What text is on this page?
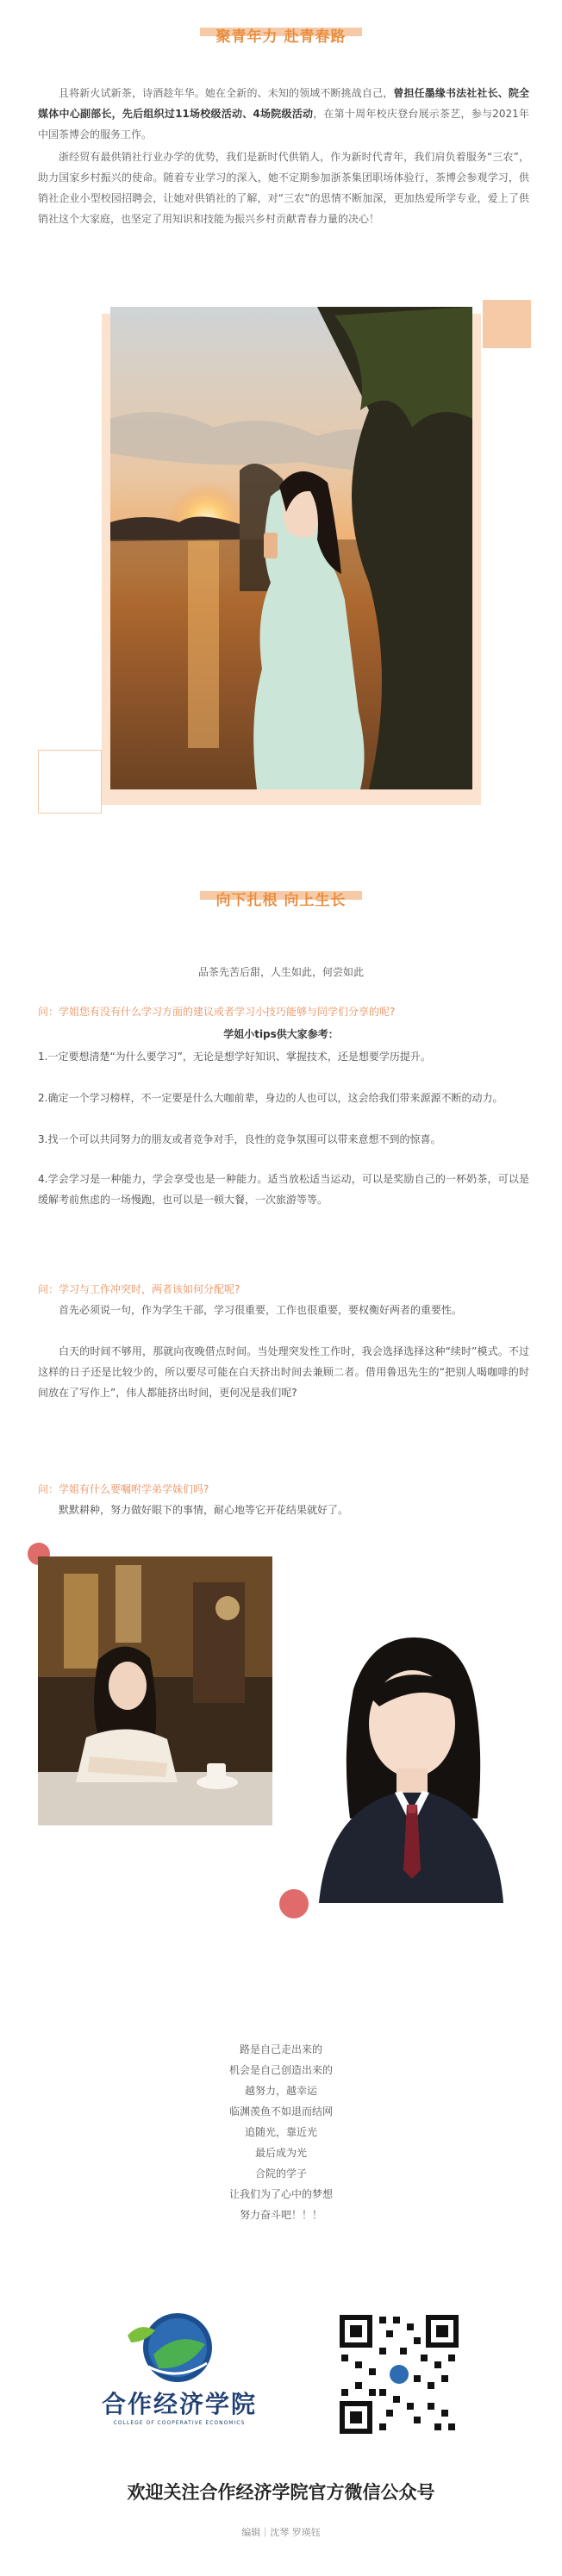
聚青年力 赴青春路
且将新火试新茶，诗酒趁年华。她在全新的、未知的领域不断挑战自己，曾担任墨缘书法社社长、院全媒体中心副部长，先后组织过11场校级活动、4场院级活动，在第十周年校庆登台展示茶艺，参与2021年中国茶博会的服务工作。
浙经贸有最供销社行业办学的优势，我们是新时代供销人，作为新时代青年，我们肩负着服务“三农”，助力国家乡村振兴的使命。随着专业学习的深入，她不定期参加浙茶集团职场体验行，茶博会参观学习，供销社企业小型校园招聘会，让她对供销社的了解，对“三农”的思情不断加深，更加热爱所学专业，爱上了供销社这个大家庭，也坚定了用知识和技能为振兴乡村贡献青春力量的决心！
向下扎根 向上生长
品茶先苦后甜，人生如此，何尝如此
问：学姐您有没有什么学习方面的建议或者学习小技巧能够与同学们分享的呢?
学姐小tips供大家参考：
1.一定要想清楚“为什么要学习”，无论是想学好知识、掌握技术，还是想要学历提升。
2.确定一个学习榜样，不一定要是什么大咖前辈，身边的人也可以，这会给我们带来源源不断的动力。
3.找一个可以共同努力的朋友或者竞争对手，良性的竞争氛围可以带来意想不到的惊喜。
4.学会学习是一种能力，学会享受也是一种能力。适当放松适当运动，可以是奖励自己的一杯奶茶，可以是缓解考前焦虑的一场慢跑，也可以是一顿大餐，一次旅游等等。
问：学习与工作冲突时，两者该如何分配呢?
首先必须说一句，作为学生干部，学习很重要，工作也很重要，要权衡好两者的重要性。
白天的时间不够用，那就向夜晚借点时间。当处理突发性工作时，我会选择选择这种“续时”模式。不过这样的日子还是比较少的，所以要尽可能在白天挤出时间去兼顾二者。借用鲁迅先生的“把别人喝咖啡的时间放在了写作上”，伟人都能挤出时间，更何况是我们呢?
问：学姐有什么要嘱咐学弟学妹们吗?
默默耕种，努力做好眼下的事情，耐心地等它开花结果就好了。
路是自己走出来的
机会是自己创造出来的
越努力，越幸运
临渊羡鱼不如退而结网
追随光，靠近光
最后成为光
合院的学子
让我们为了心中的梦想
努力奋斗吧！！！
合作经济学院
COLLEGE OF COOPERATIVE ECONOMICS
欢迎关注合作经济学院官方微信公众号
编辑｜沈琴 罗瑛钰
